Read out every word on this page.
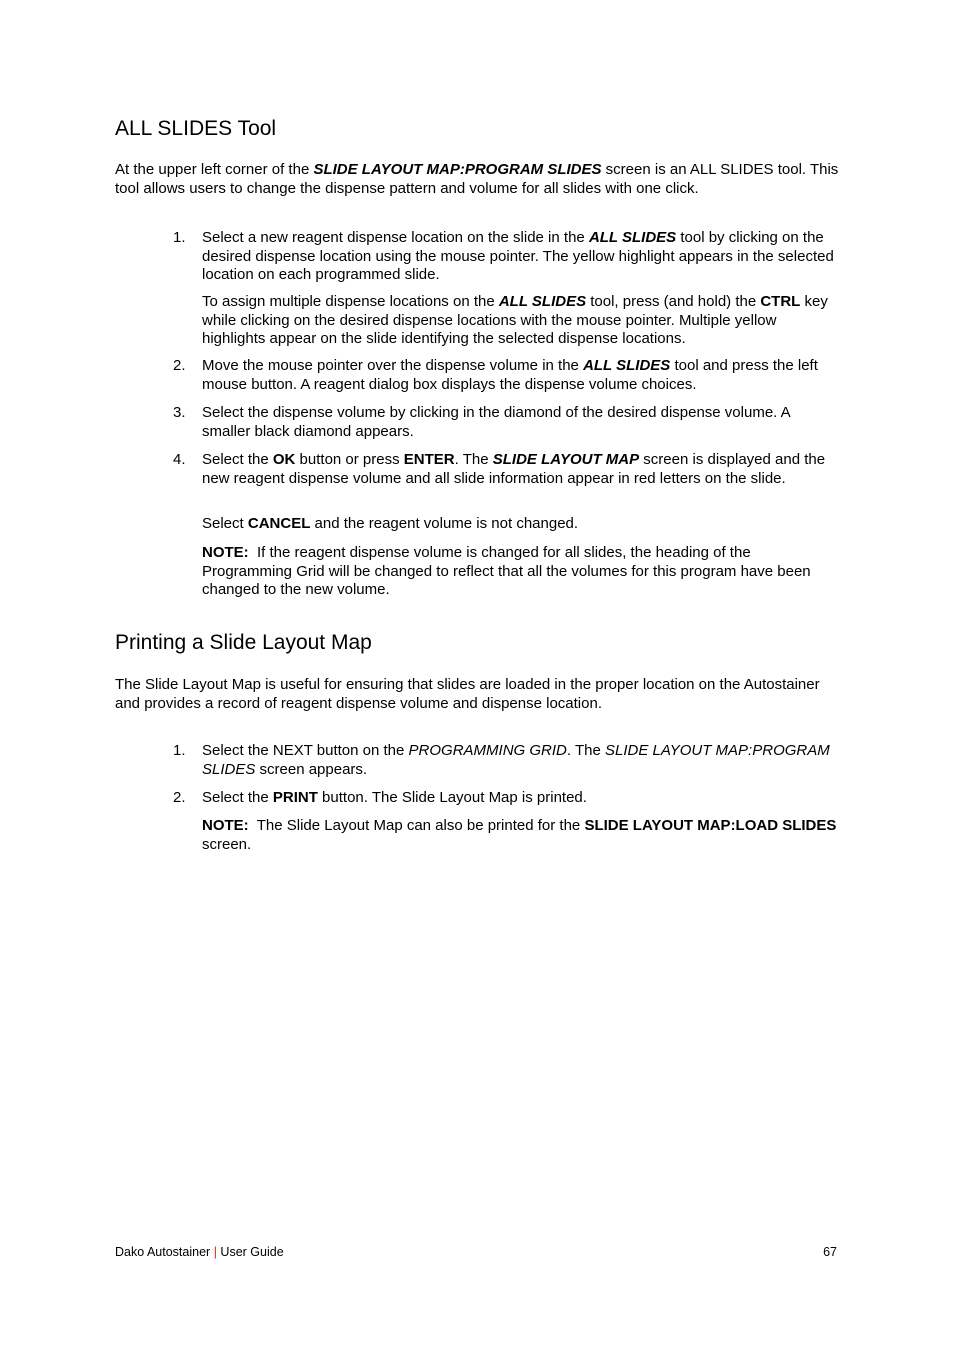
ALL SLIDES Tool

At the upper left corner of the SLIDE LAYOUT MAP:PROGRAM SLIDES screen is an ALL SLIDES tool. This tool allows users to change the dispense pattern and volume for all slides with one click.

1.	Select a new reagent dispense location on the slide in the ALL SLIDES tool by clicking on the desired dispense location using the mouse pointer. The yellow highlight appears in the selected location on each programmed slide.

To assign multiple dispense locations on the ALL SLIDES tool, press (and hold) the CTRL key while clicking on the desired dispense locations with the mouse pointer. Multiple yellow highlights appear on the slide identifying the selected dispense locations.

2.	Move the mouse pointer over the dispense volume in the ALL SLIDES tool and press the left mouse button. A reagent dialog box displays the dispense volume choices.
3.	Select the dispense volume by clicking in the diamond of the desired dispense volume. A smaller black diamond appears.
4.	Select the OK button or press ENTER. The SLIDE LAYOUT MAP screen is displayed and the new reagent dispense volume and all slide information appear in red letters on the slide.

Select CANCEL and the reagent volume is not changed.

NOTE:  If the reagent dispense volume is changed for all slides, the heading of the Programming Grid will be changed to reflect that all the volumes for this program have been changed to the new volume.

Printing a Slide Layout Map

The Slide Layout Map is useful for ensuring that slides are loaded in the proper location on the Autostainer and provides a record of reagent dispense volume and dispense location.

1.	Select the NEXT button on the PROGRAMMING GRID. The SLIDE LAYOUT MAP:PROGRAM SLIDES screen appears.
2.	Select the PRINT button. The Slide Layout Map is printed.

NOTE:  The Slide Layout Map can also be printed for the SLIDE LAYOUT MAP:LOAD SLIDES screen.

Dako Autostainer | User Guide	67
